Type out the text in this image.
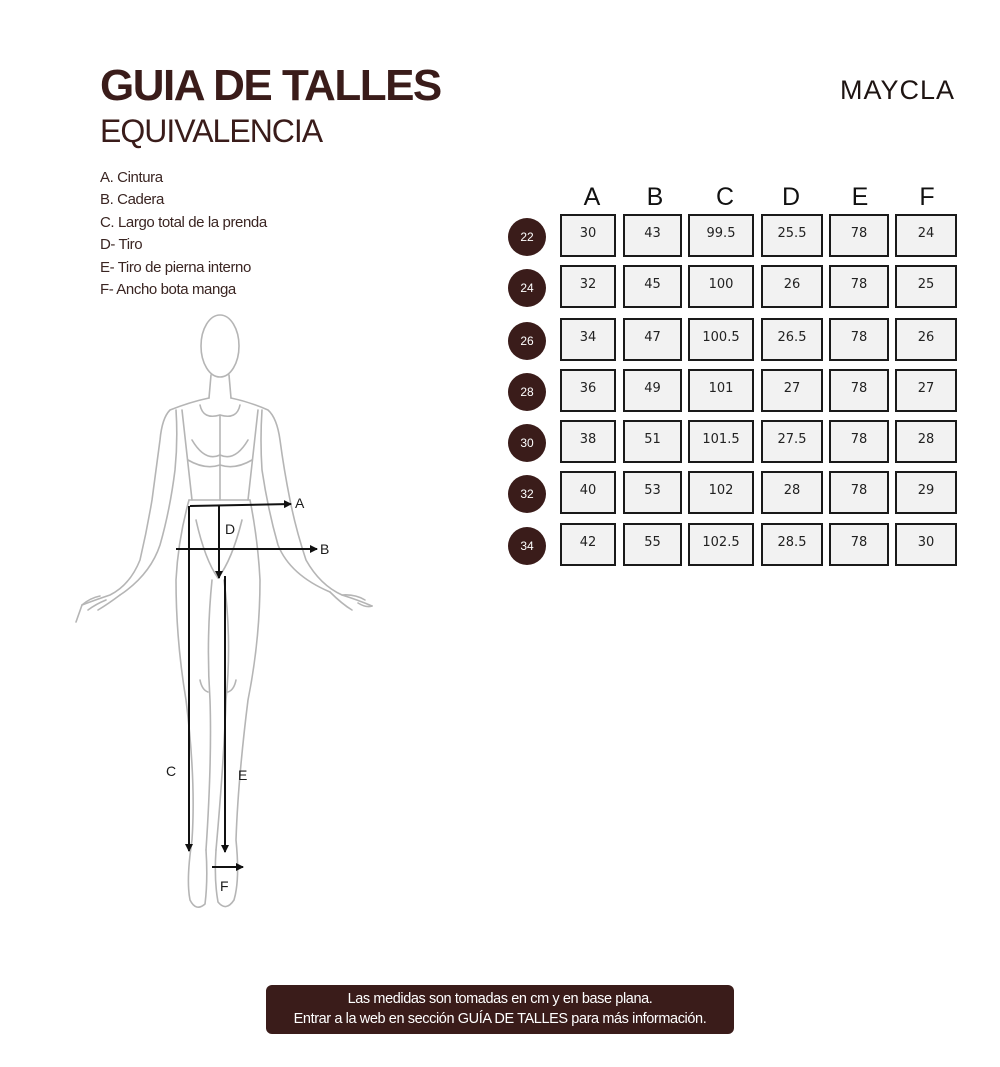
GUIA DE TALLES
EQUIVALENCIA
MAYCLA
A. Cintura
B. Cadera
C. Largo total de la prenda
D- Tiro
E- Tiro de pierna interno
F- Ancho bota manga
A
B
C
D
E
F
A	B	C	D	E	F
22	30	43	99.5	25.5	78	24
24	32	45	100	26	78	25
26	34	47	100.5	26.5	78	26
28	36	49	101	27	78	27
30	38	51	101.5	27.5	78	28
32	40	53	102	28	78	29
34	42	55	102.5	28.5	78	30
Las medidas son tomadas en cm y en base plana.
Entrar a la web en sección GUÍA DE TALLES para más información.
